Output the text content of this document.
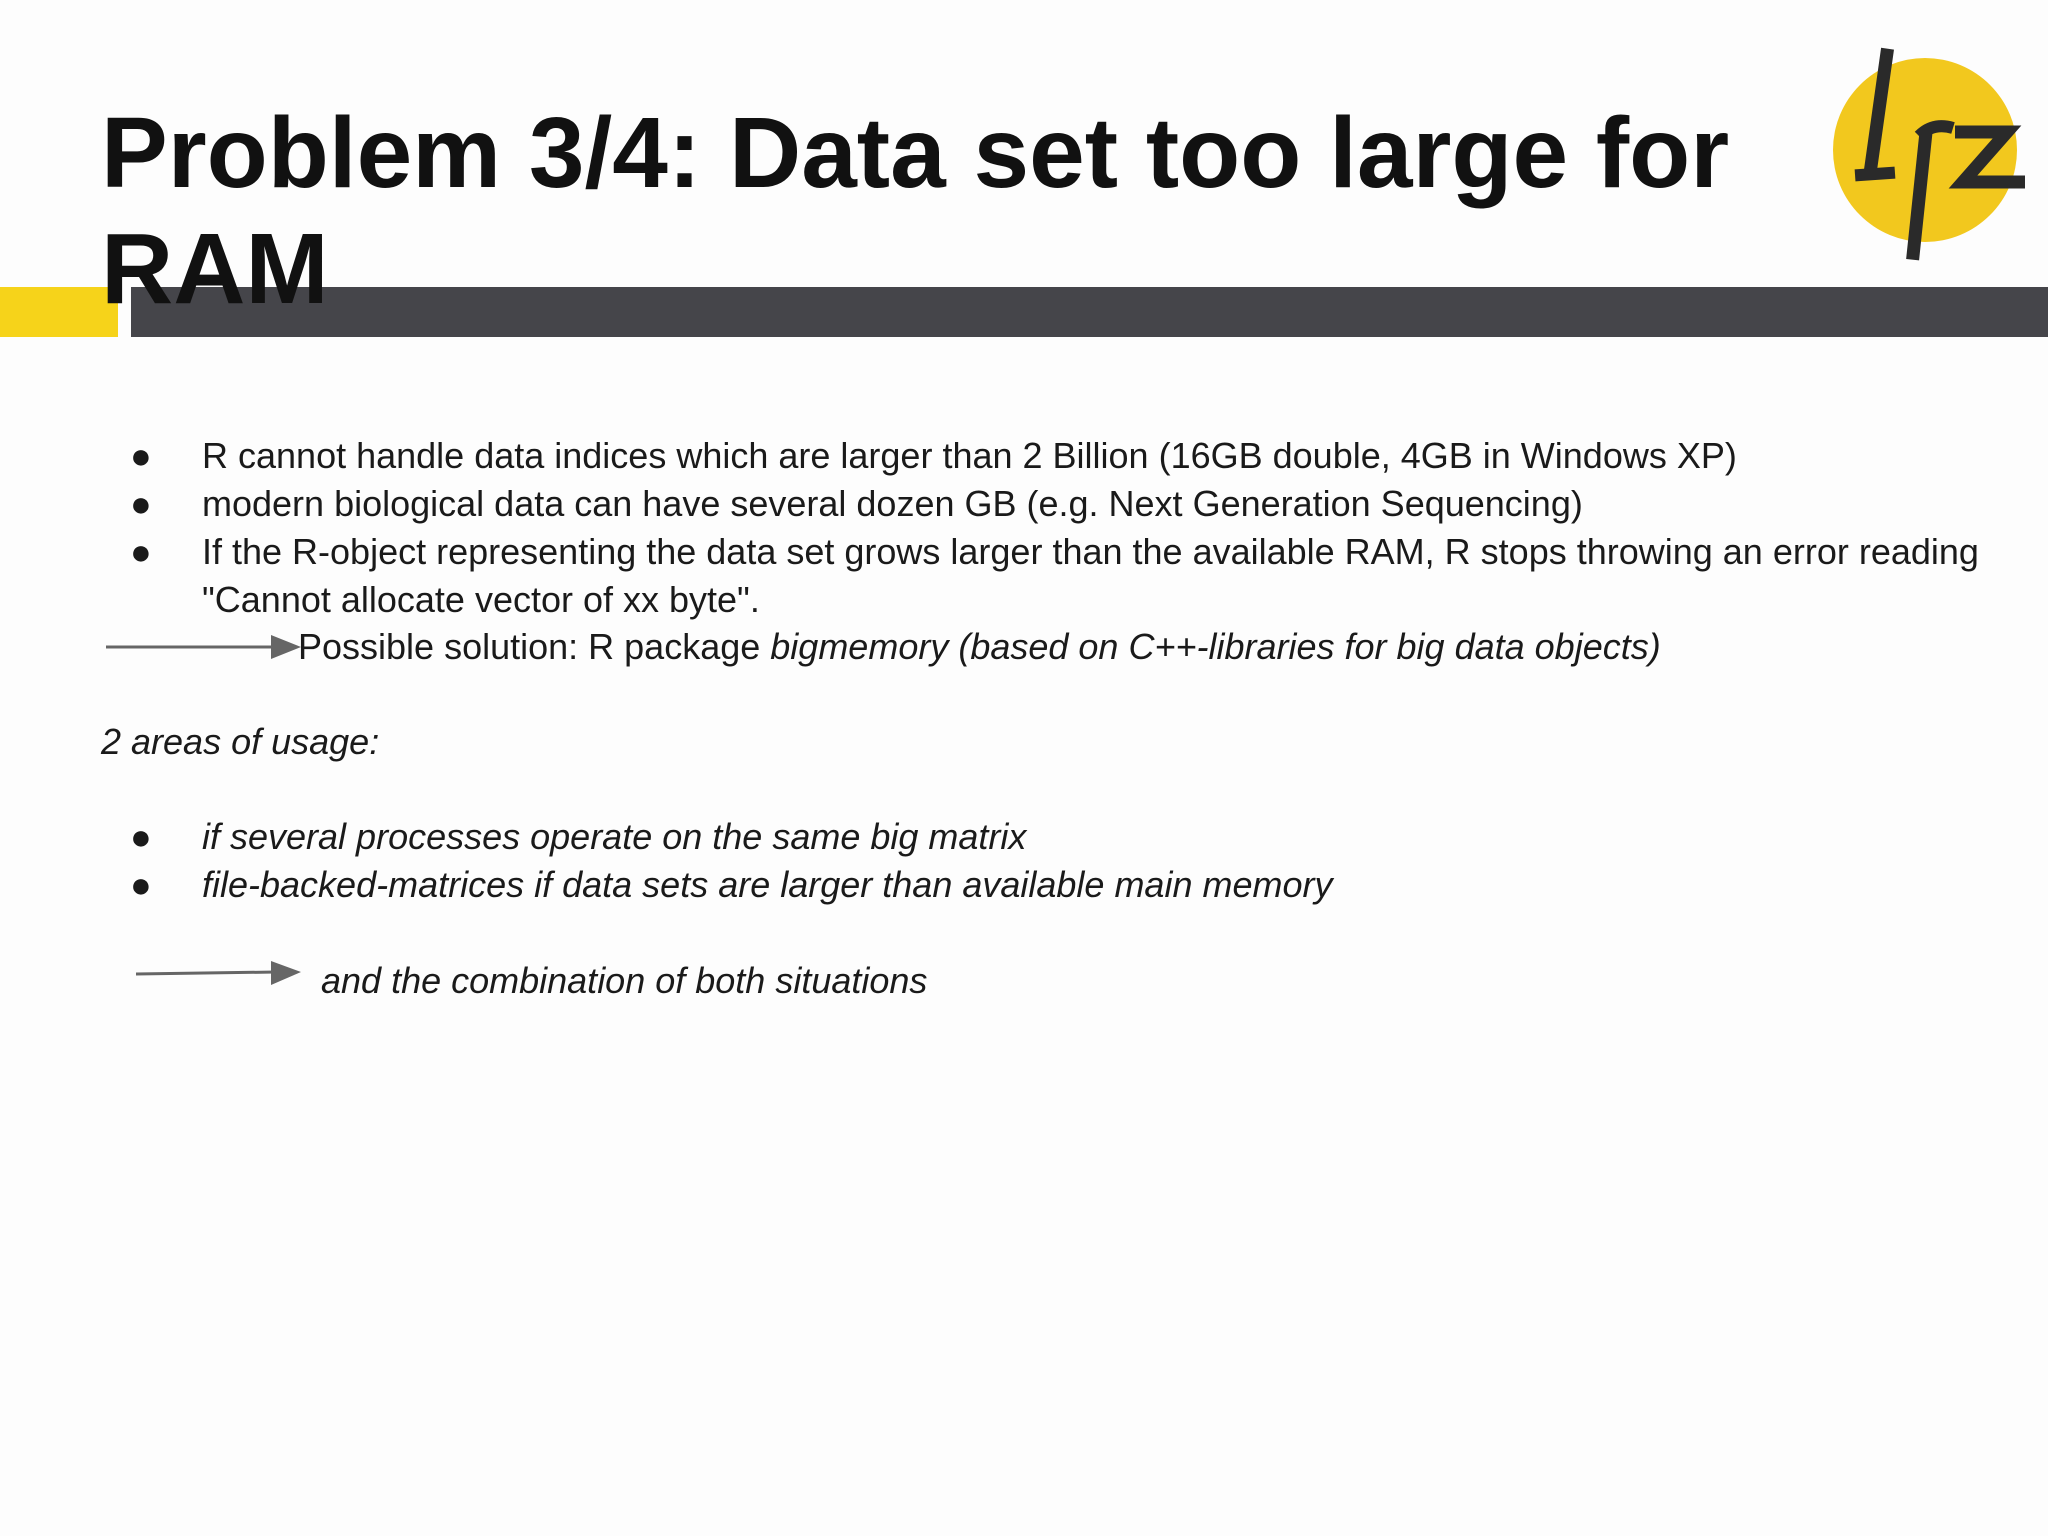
Problem 3/4: Data set too large for RAM
● R cannot handle data indices which are larger than 2 Billion (16GB double, 4GB in Windows XP)
● modern biological data can have several dozen GB (e.g. Next Generation Sequencing)
● If the R-object representing the data set grows larger than the available RAM, R stops throwing an error reading "Cannot allocate vector of xx byte".
Possible solution: R package bigmemory (based on C++-libraries for big data objects)
2 areas of usage:
● if several processes operate on the same big matrix
● file-backed-matrices if data sets are larger than available main memory
and the combination of both situations
